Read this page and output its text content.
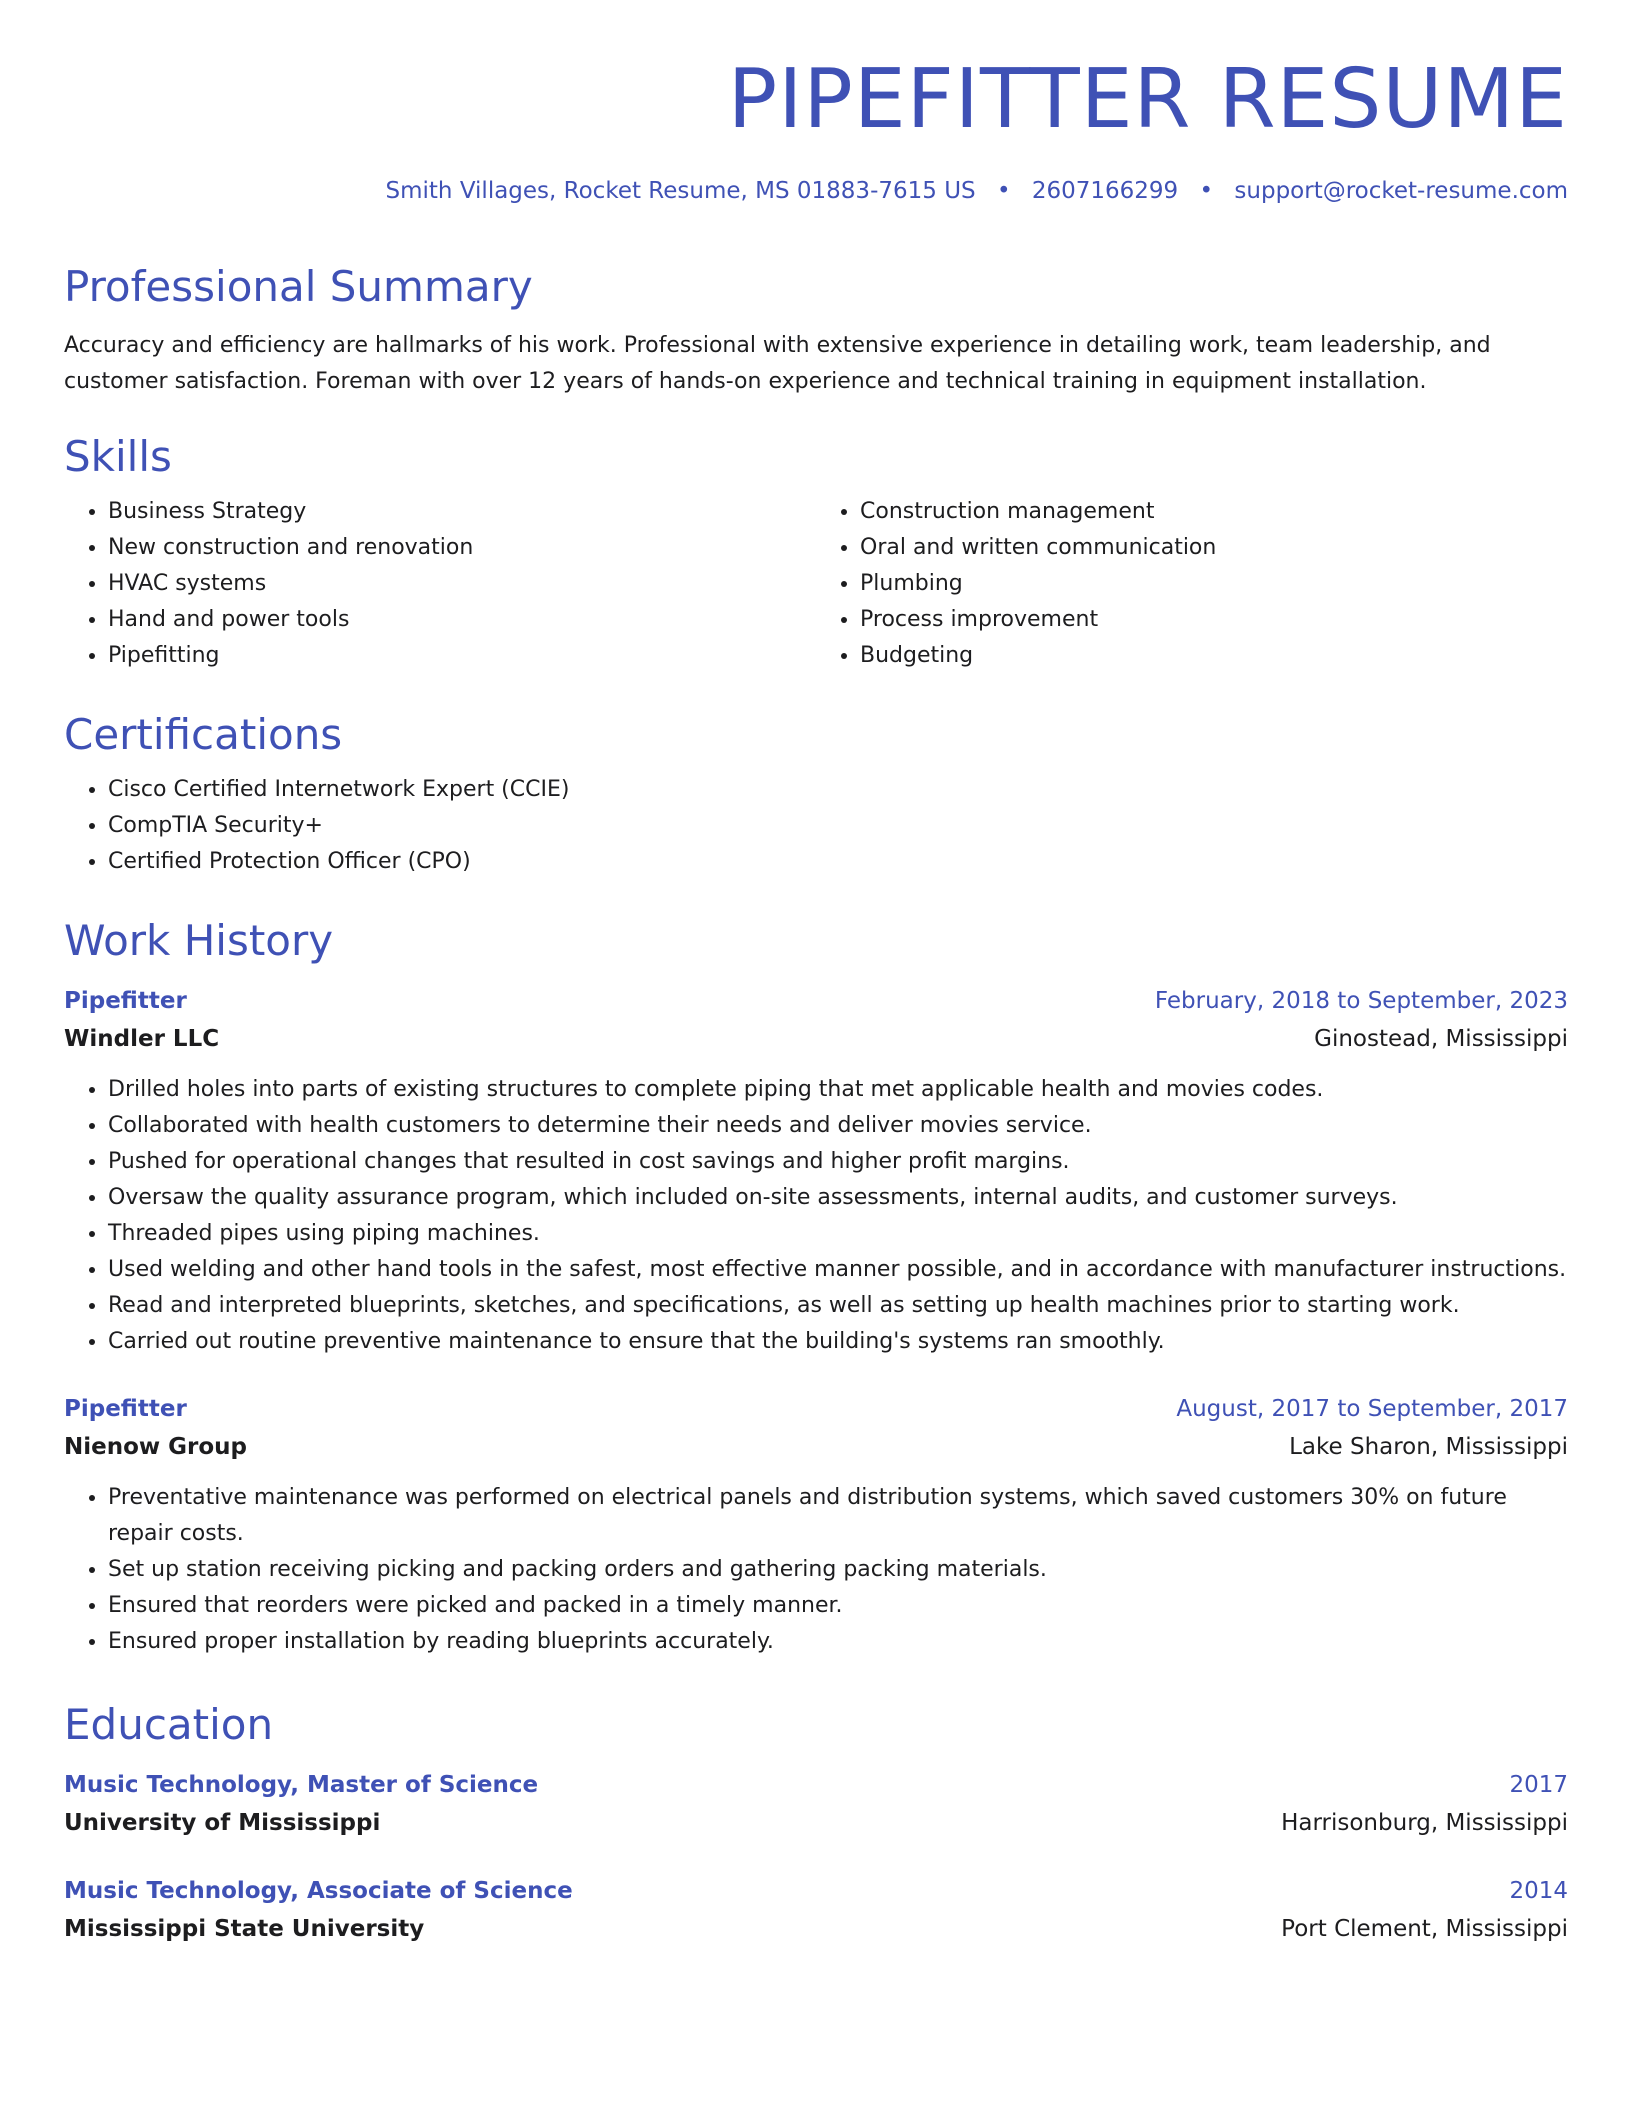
PIPEFITTER RESUME
Smith Villages, Rocket Resume, MS 01883-7615 US • 2607166299 • support@rocket-resume.com
Professional Summary

Accuracy and efficiency are hallmarks of his work. Professional with extensive experience in detailing work, team leadership, and customer satisfaction. Foreman with over 12 years of hands-on experience and technical training in equipment installation.

Skills
• Business Strategy
• New construction and renovation
• HVAC systems
• Hand and power tools
• Pipefitting
• Construction management
• Oral and written communication
• Plumbing
• Process improvement
• Budgeting
Certifications
• Cisco Certified Internetwork Expert (CCIE)
• CompTIA Security+
• Certified Protection Officer (CPO)
Work History
Pipefitter	February, 2018 to September, 2023
Windler LLC	Ginostead, Mississippi
• Drilled holes into parts of existing structures to complete piping that met applicable health and movies codes.
• Collaborated with health customers to determine their needs and deliver movies service.
• Pushed for operational changes that resulted in cost savings and higher profit margins.
• Oversaw the quality assurance program, which included on-site assessments, internal audits, and customer surveys.
• Threaded pipes using piping machines.
• Used welding and other hand tools in the safest, most effective manner possible, and in accordance with manufacturer instructions.
• Read and interpreted blueprints, sketches, and specifications, as well as setting up health machines prior to starting work.
• Carried out routine preventive maintenance to ensure that the building's systems ran smoothly.
Pipefitter	August, 2017 to September, 2017
Nienow Group	Lake Sharon, Mississippi
• Preventative maintenance was performed on electrical panels and distribution systems, which saved customers 30% on future repair costs.
• Set up station receiving picking and packing orders and gathering packing materials.
• Ensured that reorders were picked and packed in a timely manner.
• Ensured proper installation by reading blueprints accurately.
Education
Music Technology, Master of Science	2017
University of Mississippi	Harrisonburg, Mississippi
Music Technology, Associate of Science	2014
Mississippi State University	Port Clement, Mississippi
